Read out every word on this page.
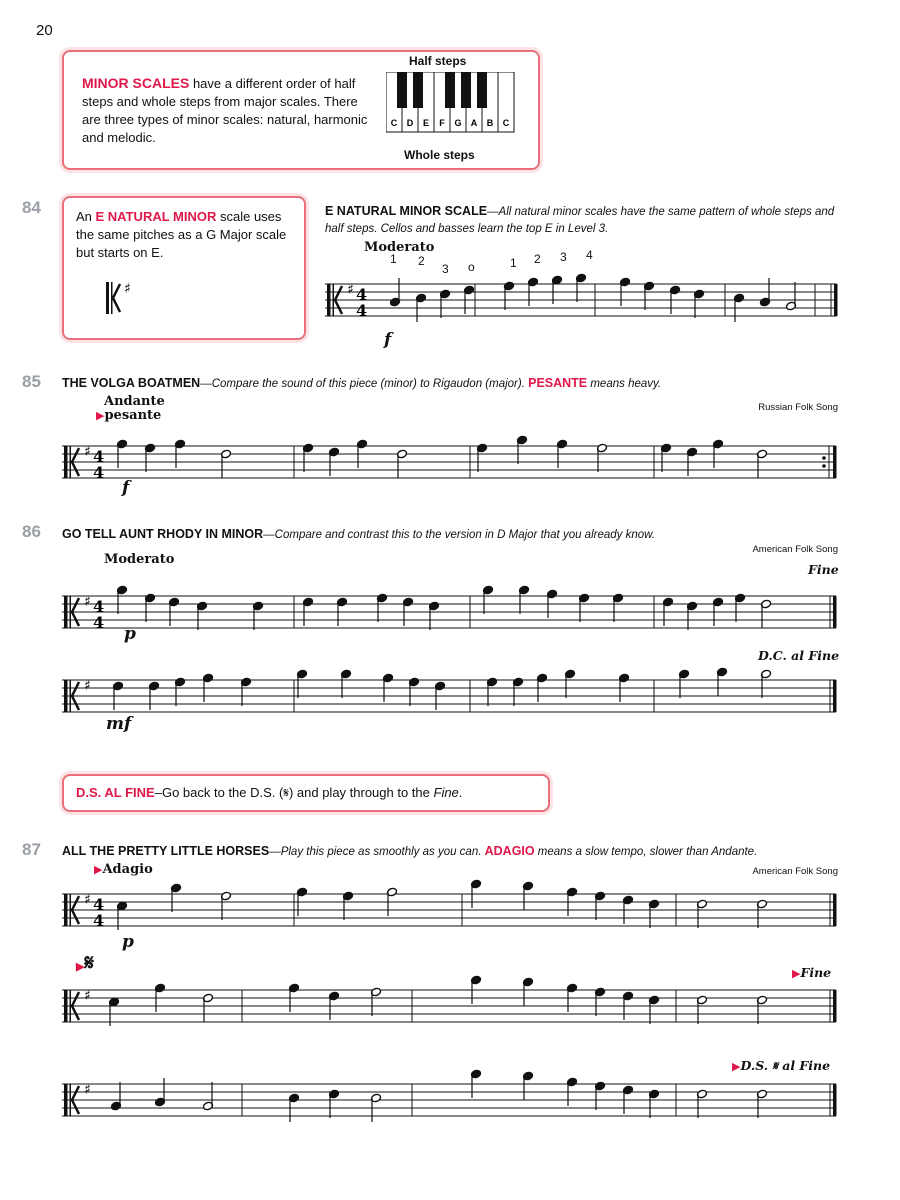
20
MINOR SCALES have a different order of half steps and whole steps from major scales. There are three types of minor scales: natural, harmonic and melodic.
Half steps
C D E F G A B C
Whole steps
84	An E NATURAL MINOR scale uses the same pitches as a G Major scale but starts on E.
♯
E NATURAL MINOR SCALE—All natural minor scales have the same pattern of whole steps and half steps. Cellos and basses learn the top E in Level 3.
Moderato
f
♯ 4
4
1 2
3 o	1 2 3 4
85 THE VOLGA BOATMEN—Compare the sound of this piece (minor) to Rigaudon (major). PESANTE means heavy.
Russian Folk Song
Andante
▶pesante
f
♯ 4
4
86 GO TELL AUNT RHODY IN MINOR—Compare and contrast this to the version in D Major that you already know.
American Folk Song
Moderato
Fine
p
♯ 4
4
D.C. al Fine
mf
♯
D.S. AL FINE–Go back to the D.S. (𝄋) and play through to the Fine.
87 ALL THE PRETTY LITTLE HORSES—Play this piece as smoothly as you can. ADAGIO means a slow tempo, slower than Andante.
American Folk Song
▶Adagio
p
♯ 4
4
▶𝄋	▶Fine
♯
▶D.S. 𝄋 al Fine
♯
